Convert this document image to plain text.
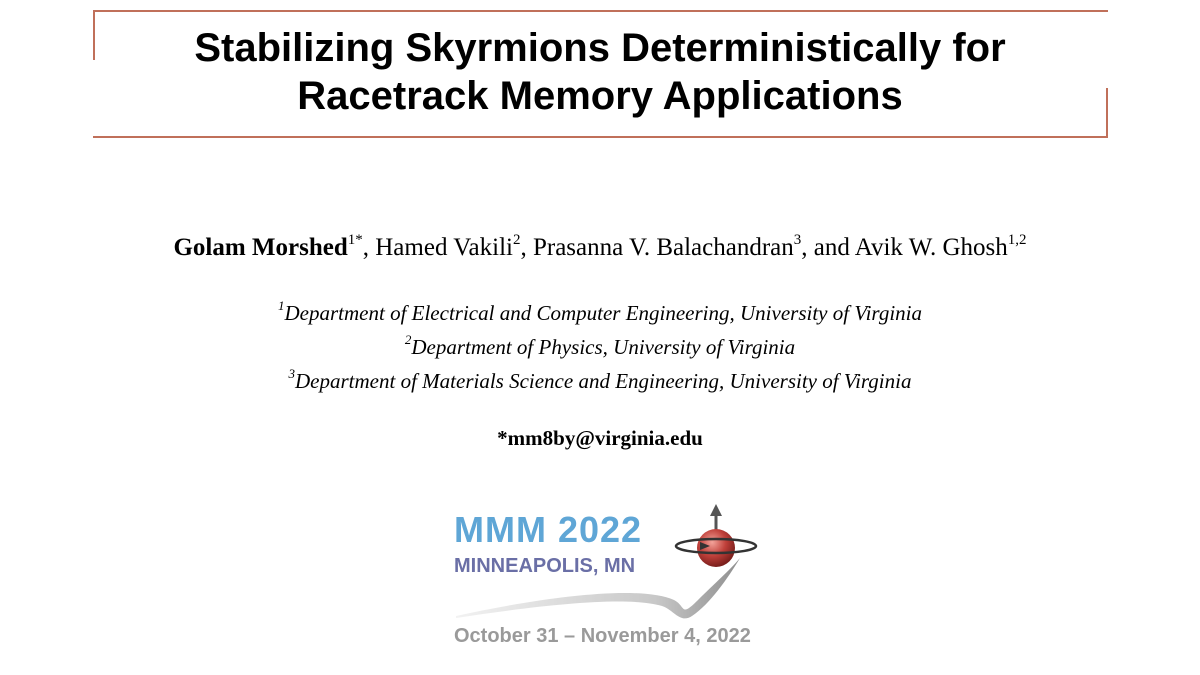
Stabilizing Skyrmions Deterministically for
Racetrack Memory Applications
Golam Morshed$^{1*}$, Hamed Vakili$^2$, Prasanna V. Balachandran$^3$, and Avik W. Ghosh$^{1,2}$
$^1$Department of Electrical and Computer Engineering, University of Virginia
$^2$Department of Physics, University of Virginia
$^3$Department of Materials Science and Engineering, University of Virginia
*mm8by@virginia.edu
MMM 2022
MINNEAPOLIS, MN
October 31 – November 4, 2022
